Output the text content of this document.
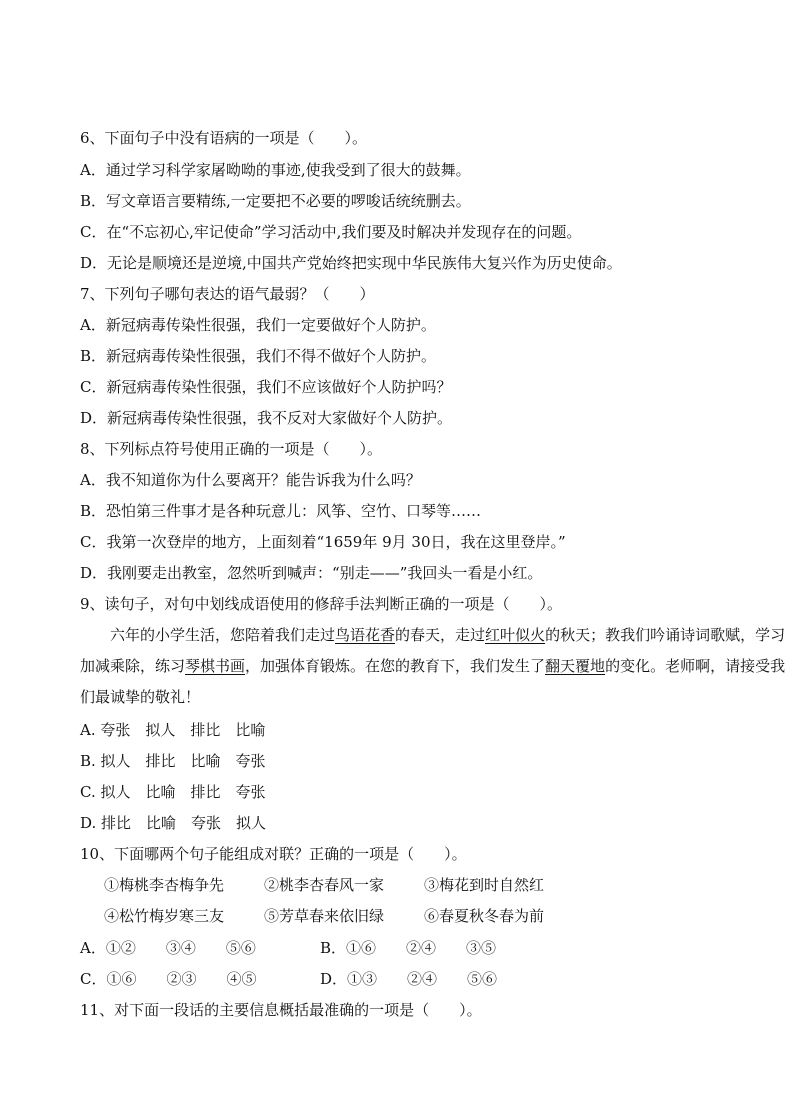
6、下面句子中没有语病的一项是（　　）。
A．通过学习科学家屠呦呦的事迹,使我受到了很大的鼓舞。
B．写文章语言要精练,一定要把不必要的啰唆话统统删去。
C．在“不忘初心,牢记使命”学习活动中,我们要及时解决并发现存在的问题。
D．无论是顺境还是逆境,中国共产党始终把实现中华民族伟大复兴作为历史使命。
7、下列句子哪句表达的语气最弱？（　　）
A．新冠病毒传染性很强，我们一定要做好个人防护。
B．新冠病毒传染性很强，我们不得不做好个人防护。
C．新冠病毒传染性很强，我们不应该做好个人防护吗？
D．新冠病毒传染性很强，我不反对大家做好个人防护。
8、下列标点符号使用正确的一项是（　　）。
A．我不知道你为什么要离开？能告诉我为什么吗？
B．恐怕第三件事才是各种玩意儿：风筝、空竹、口琴等……
C．我第一次登岸的地方，上面刻着“1659年 9月 30日，我在这里登岸。”
D．我刚要走出教室，忽然听到喊声：“别走——”我回头一看是小红。
9、读句子，对句中划线成语使用的修辞手法判断正确的一项是（　　）。
六年的小学生活，您陪着我们走过鸟语花香的春天，走过红叶似火的秋天；教我们吟诵诗词歌赋，学习加减乘除，练习琴棋书画，加强体育锻炼。在您的教育下，我们发生了翻天覆地的变化。老师啊，请接受我们最诚挚的敬礼！
A. 夸张　拟人　排比　比喻
B. 拟人　排比　比喻　夸张
C. 拟人　比喻　排比　夸张
D. 排比　比喻　夸张　拟人
10、下面哪两个句子能组成对联？正确的一项是（　　）。
①梅桃李杏梅争先	②桃李杏春风一家	③梅花到时自然红
④松竹梅岁寒三友	⑤芳草春来依旧绿	⑥春夏秋冬春为前
A．①②　　③④　　⑤⑥	B．①⑥　　②④　　③⑤
C．①⑥　　②③　　④⑤	D．①③　　②④　　⑤⑥
11、对下面一段话的主要信息概括最准确的一项是（　　）。
